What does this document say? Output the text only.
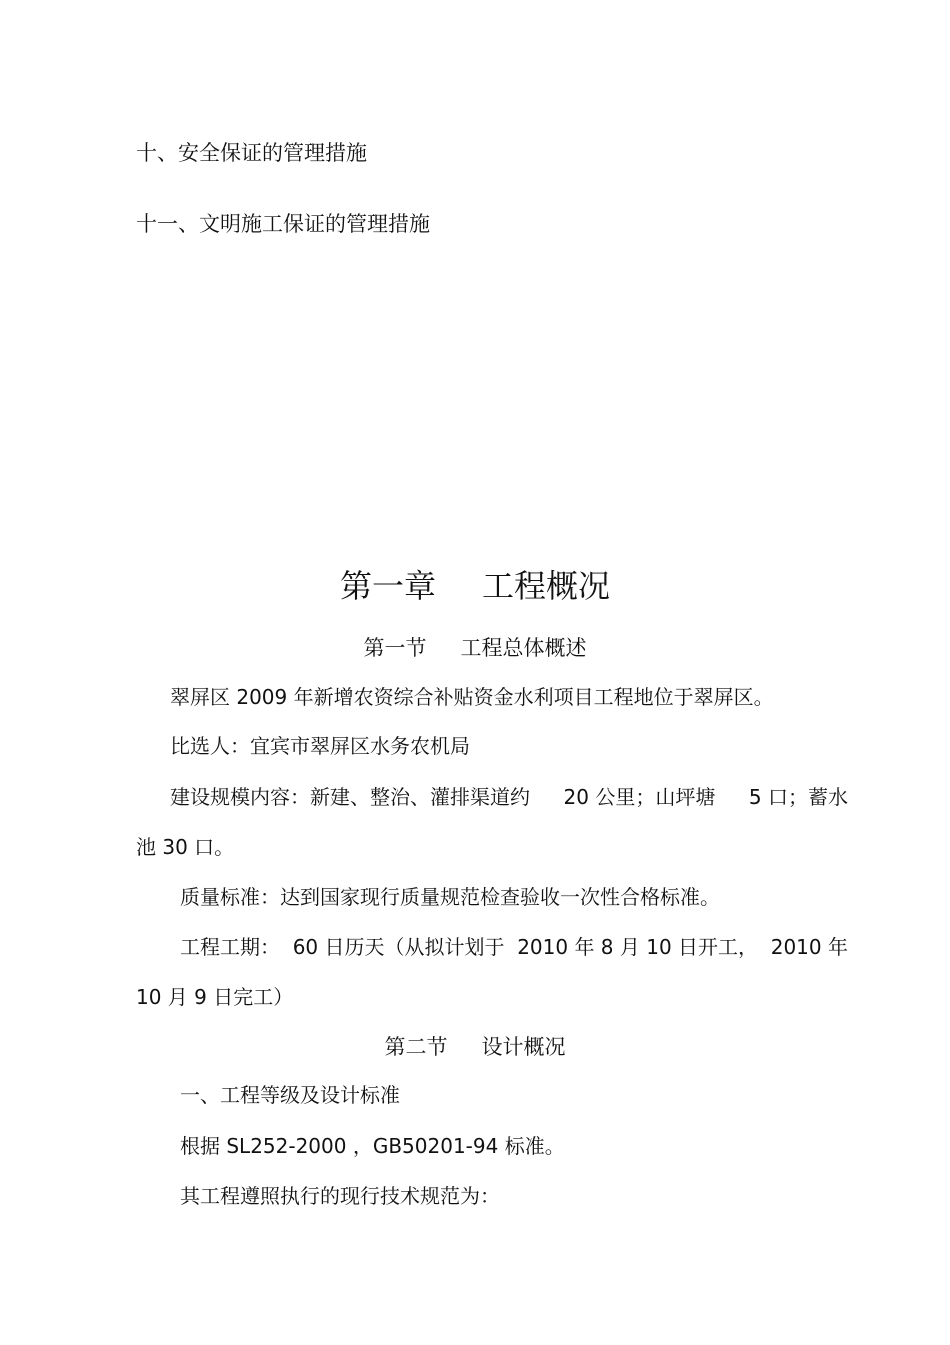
十、安全保证的管理措施
十一、文明施工保证的管理措施
第一章 工程概况
第一节 工程总体概述
翠屏区 2009 年新增农资综合补贴资金水利项目工程地位于翠屏区。
比选人：宜宾市翠屏区水务农机局
建设规模内容：新建、整治、灌排渠道约 20 公里；山坪塘 5 口；蓄水
池 30 口。
质量标准：达到国家现行质量规范检查验收一次性合格标准。
工程工期： 60 日历天（从拟计划于 2010 年 8 月 10 日开工， 2010 年
10 月 9 日完工）
第二节 设计概况
一、工程等级及设计标准
根据 SL252-2000 ，GB50201-94 标准。
其工程遵照执行的现行技术规范为：
